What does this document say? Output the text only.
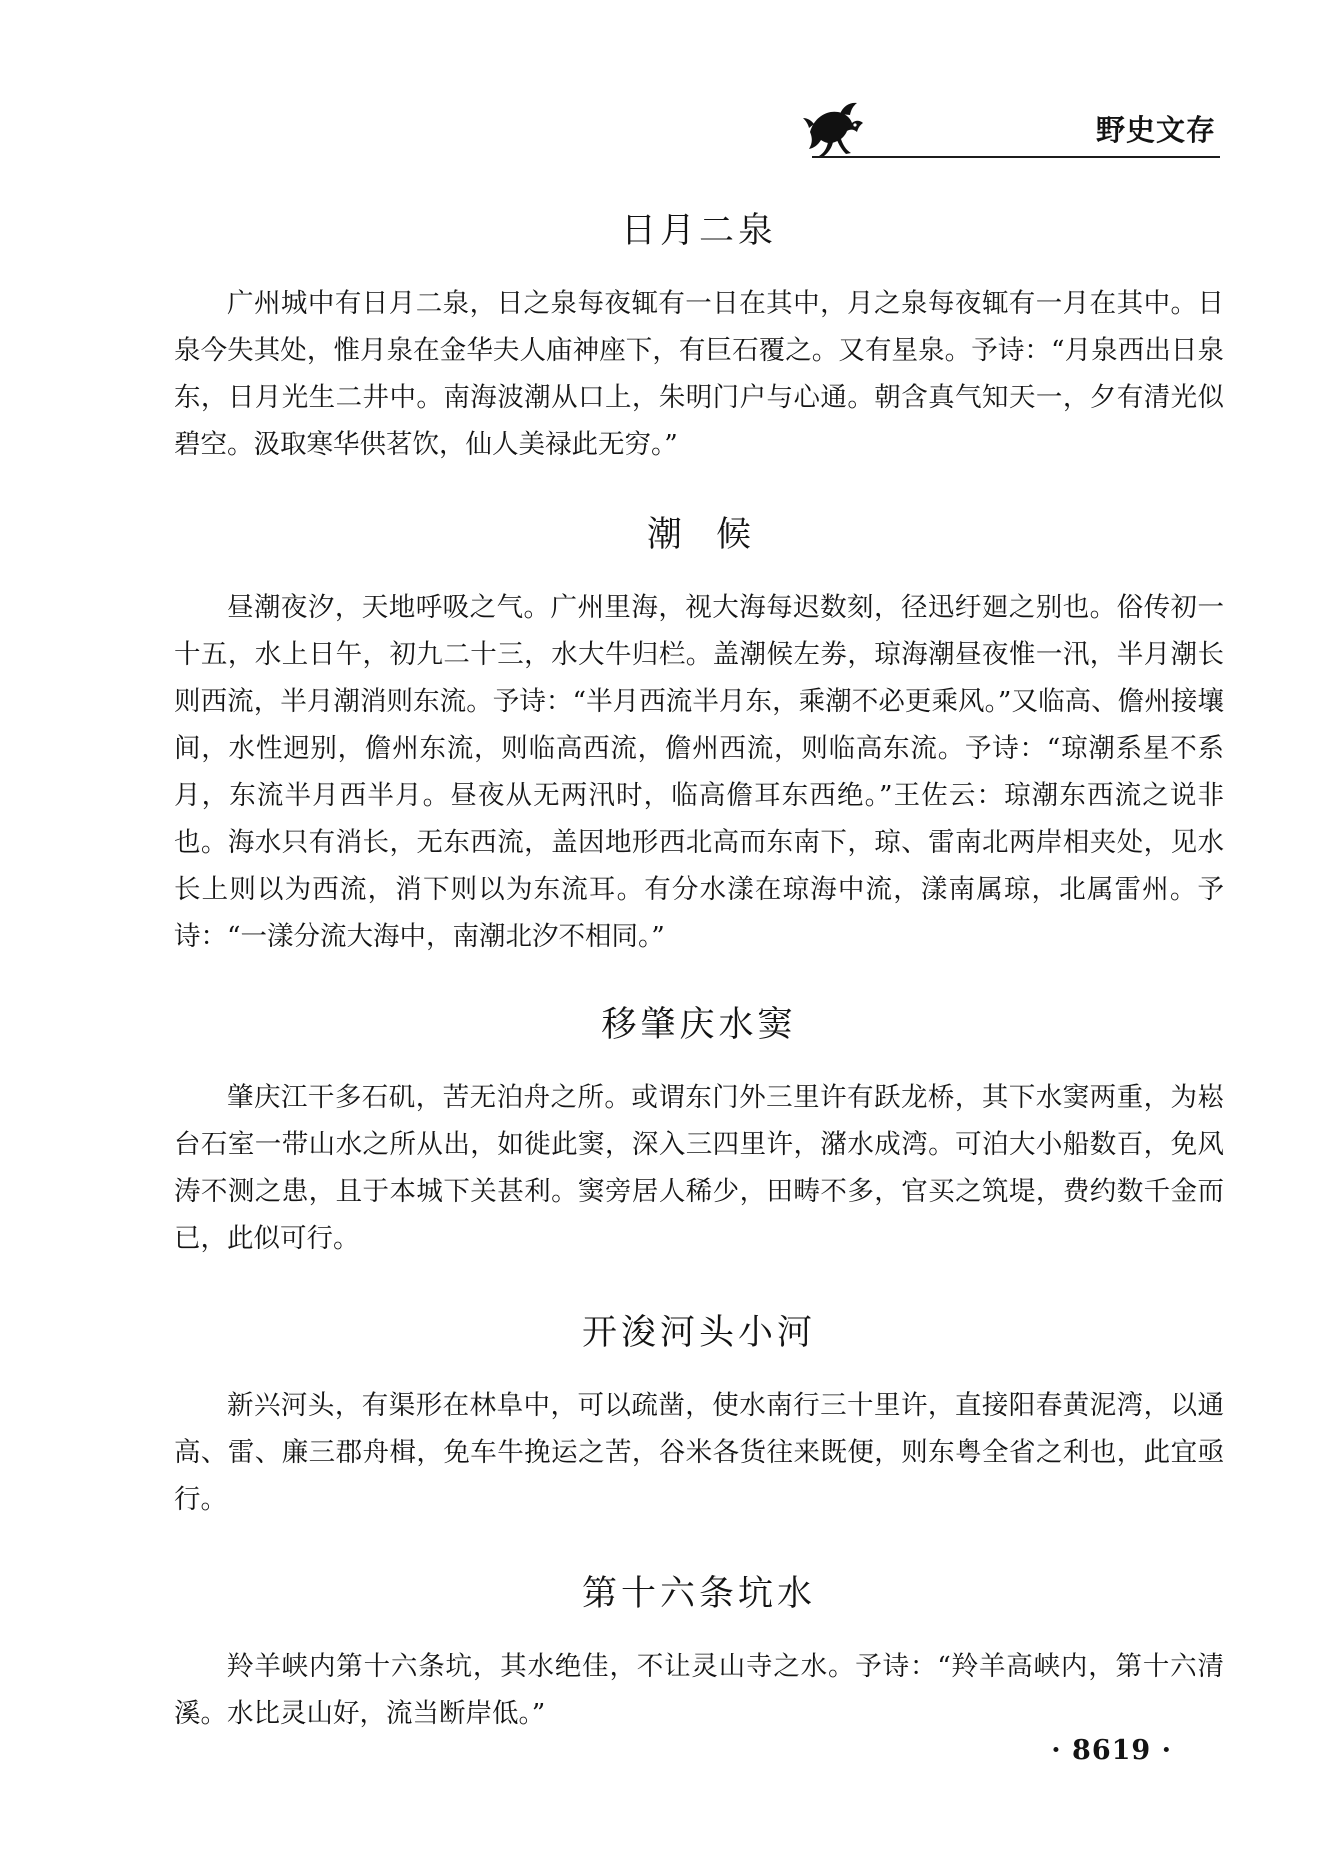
野史文存
日月二泉

广州城中有日月二泉，日之泉每夜辄有一日在其中，月之泉每夜辄有一月在其中。日泉今失其处，惟月泉在金华夫人庙神座下，有巨石覆之。又有星泉。予诗：“月泉西出日泉东，日月光生二井中。南海波潮从口上，朱明门户与心通。朝含真气知天一，夕有清光似碧空。汲取寒华供茗饮，仙人美禄此无穷。”

潮候

昼潮夜汐，天地呼吸之气。广州里海，视大海每迟数刻，径迅纡廻之别也。俗传初一十五，水上日午，初九二十三，水大牛归栏。盖潮候左劵，琼海潮昼夜惟一汛，半月潮长则西流，半月潮消则东流。予诗：“半月西流半月东，乘潮不必更乘风。”又临高、儋州接壤间，水性迥别，儋州东流，则临高西流，儋州西流，则临高东流。予诗：“琼潮系星不系月，东流半月西半月。昼夜从无两汛时，临高儋耳东西绝。”王佐云：琼潮东西流之说非也。海水只有消长，无东西流，盖因地形西北高而东南下，琼、雷南北两岸相夹处，见水长上则以为西流，消下则以为东流耳。有分水漾在琼海中流，漾南属琼，北属雷州。予诗：“一漾分流大海中，南潮北汐不相同。”

移肇庆水窦

肇庆江干多石矶，苦无泊舟之所。或谓东门外三里许有跃龙桥，其下水窦两重，为崧台石室一带山水之所从出，如徙此窦，深入三四里许，潴水成湾。可泊大小船数百，免风涛不测之患，且于本城下关甚利。窦旁居人稀少，田畴不多，官买之筑堤，费约数千金而已，此似可行。

开浚河头小河

新兴河头，有渠形在林阜中，可以疏凿，使水南行三十里许，直接阳春黄泥湾，以通高、雷、廉三郡舟楫，免车牛挽运之苦，谷米各货往来既便，则东粤全省之利也，此宜亟行。

第十六条坑水

羚羊峡内第十六条坑，其水绝佳，不让灵山寺之水。予诗：“羚羊高峡内，第十六清溪。水比灵山好，流当断岸低。”

· 8619 ·
